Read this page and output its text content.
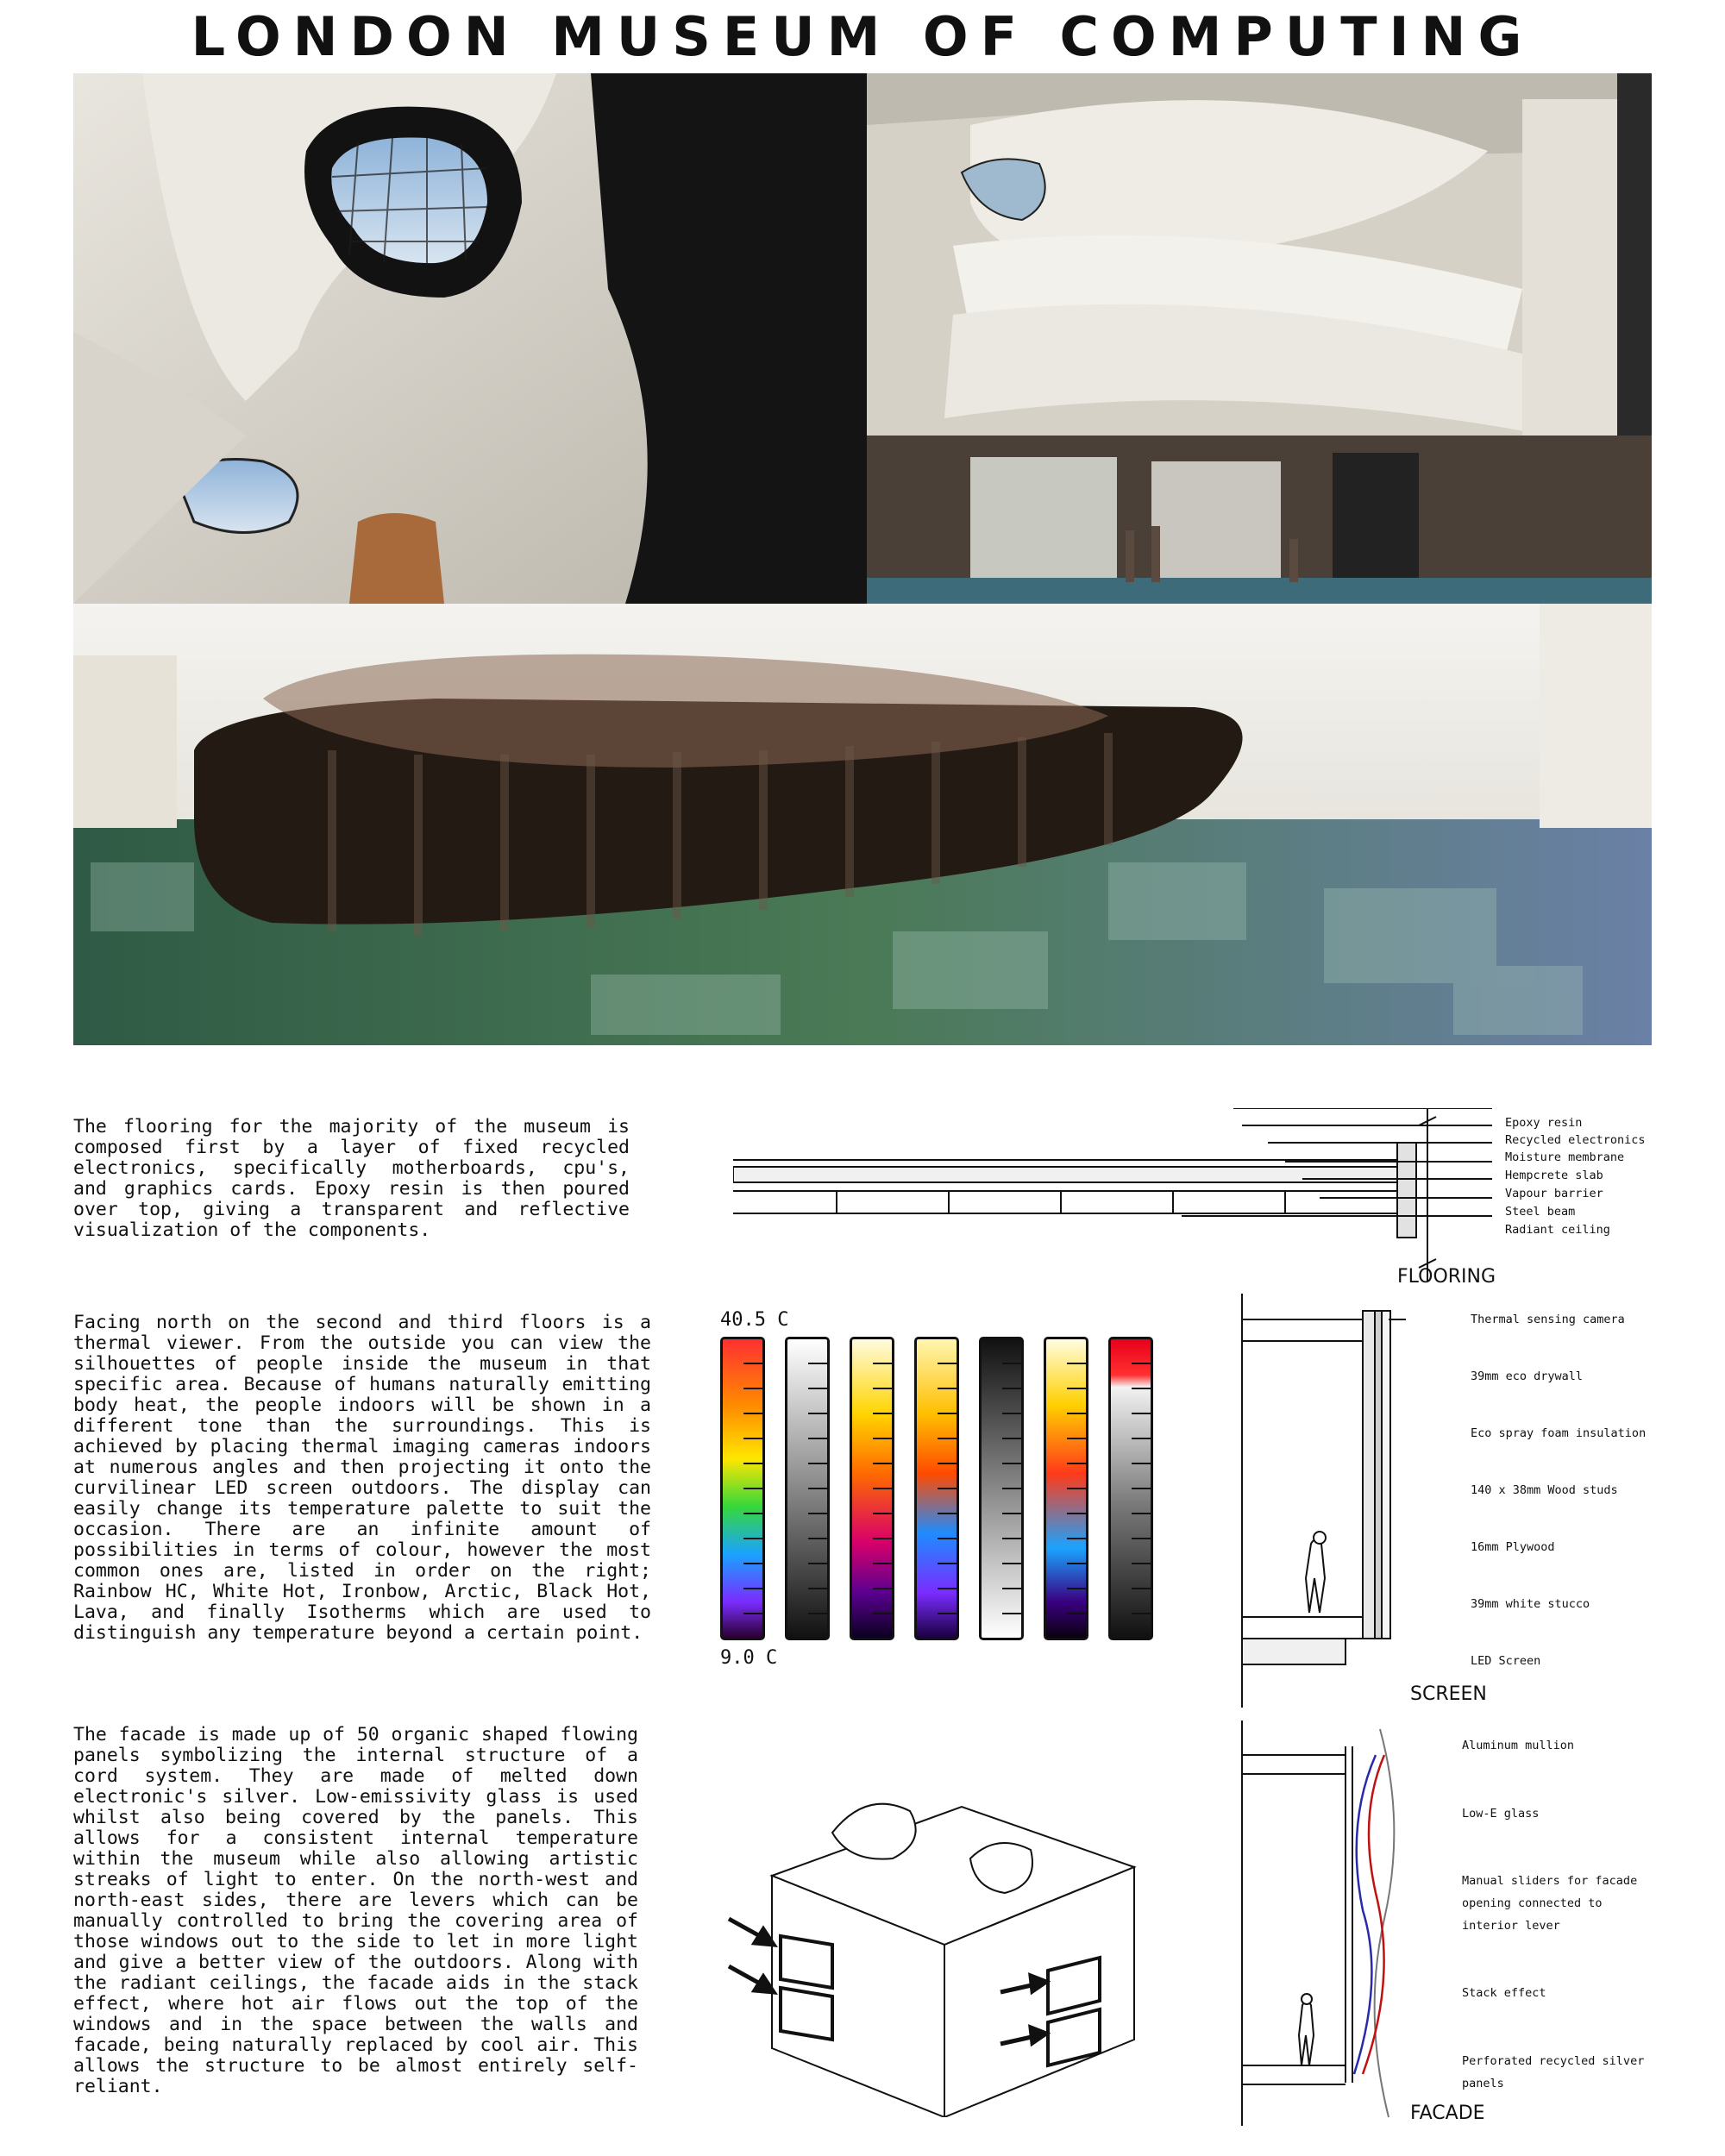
LONDON MUSEUM OF COMPUTING
The flooring for the majority of the museum is composed first by a layer of fixed recycled electronics, specifically motherboards, cpu's, and graphics cards. Epoxy resin is then poured over top, giving a transparent and reflective visualization of the components.
Facing north on the second and third floors is a thermal viewer. From the outside you can view the silhouettes of people inside the museum in that specific area. Because of humans naturally emitting body heat, the people indoors will be shown in a different tone than the surroundings. This is achieved by placing thermal imaging cameras indoors at numerous angles and then projecting it onto the curvilinear LED screen outdoors. The display can easily change its temperature palette to suit the occasion. There are an infinite amount of possibilities in terms of colour, however the most common ones are, listed in order on the right; Rainbow HC, White Hot, Ironbow, Arctic, Black Hot, Lava, and finally Isotherms which are used to distinguish any temperature beyond a certain point.
The facade is made up of 50 organic shaped flowing panels symbolizing the internal structure of a cord system. They are made of melted down electronic's silver. Low-emissivity glass is used whilst also being covered by the panels. This allows for a consistent internal temperature within the museum while also allowing artistic streaks of light to enter. On the north-west and north-east sides, there are levers which can be manually controlled to bring the covering area of those windows out to the side to let in more light and give a better view of the outdoors. Along with the radiant ceilings, the facade aids in the stack effect, where hot air flows out the top of the windows and in the space between the walls and facade, being naturally replaced by cool air. This allows the structure to be almost entirely self-reliant.
Epoxy resin
Recycled electronics
Moisture membrane
Hempcrete slab
Vapour barrier
Steel beam
Radiant ceiling
FLOORING
40.5 C
9.0 C
Thermal sensing camera
39mm eco drywall
Eco spray foam insulation
140 x 38mm Wood studs
16mm Plywood
39mm white stucco
LED Screen
SCREEN
Aluminum mullion
Low-E glass
Manual sliders for facade
opening connected to
interior lever
Stack effect
Perforated recycled silver
panels
FACADE
